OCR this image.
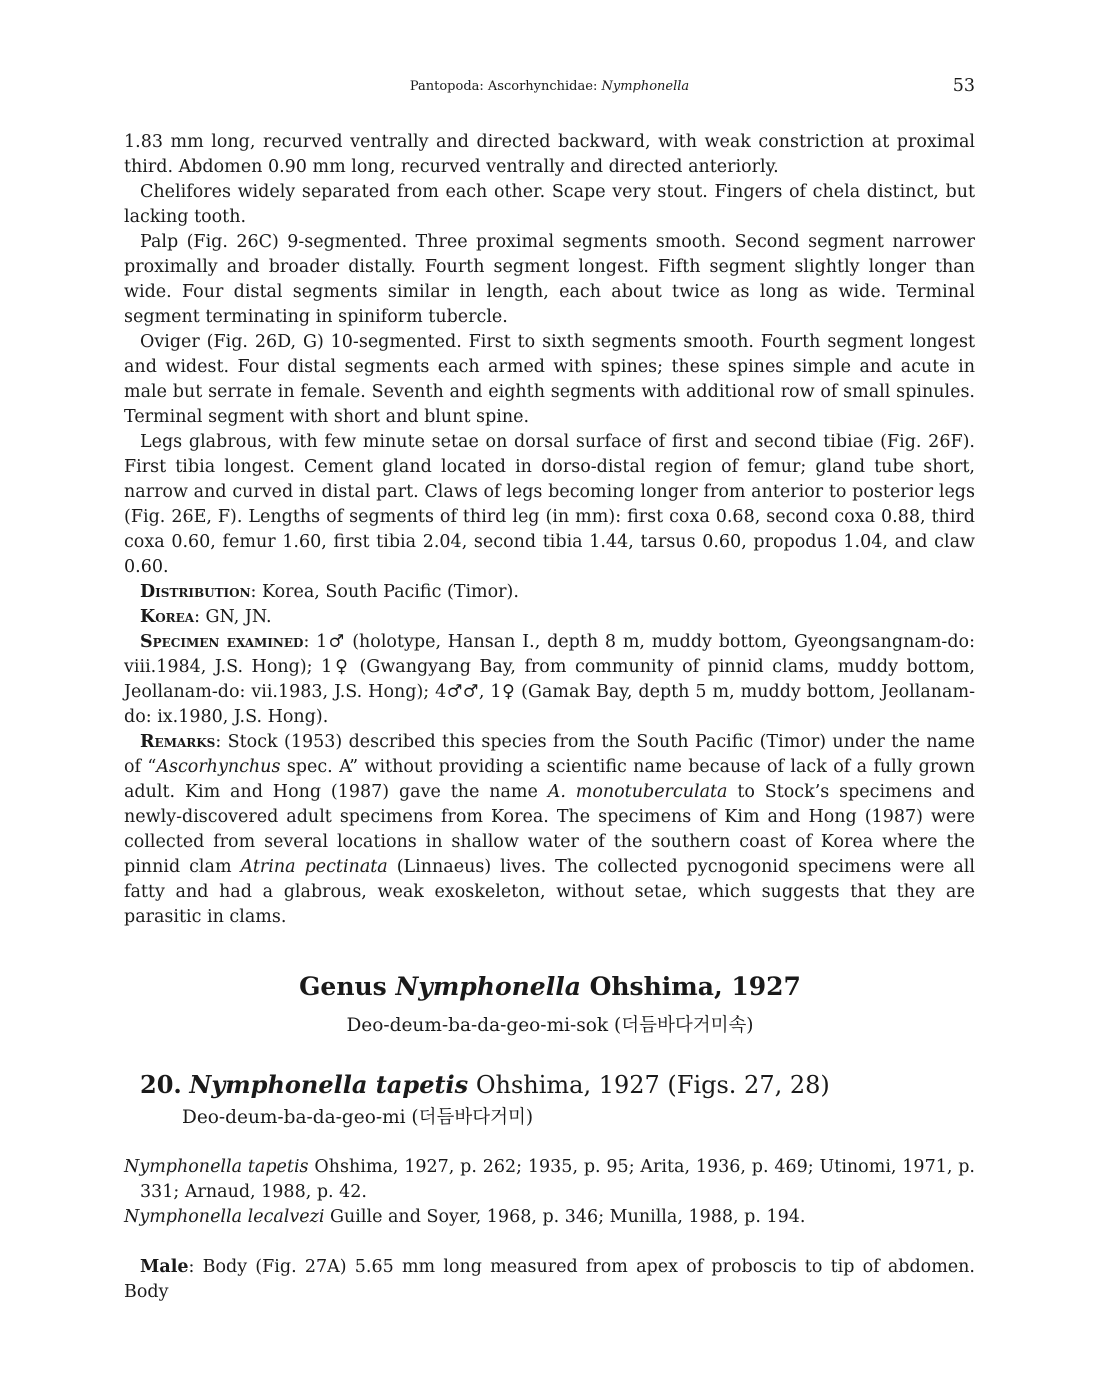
Pantopoda: Ascorhynchidae: Nymphonella	53

1.83 mm long, recurved ventrally and directed backward, with weak constriction at proximal third. Abdomen 0.90 mm long, recurved ventrally and directed anteriorly.

Chelifores widely separated from each other. Scape very stout. Fingers of chela distinct, but lacking tooth.

Palp (Fig. 26C) 9-segmented. Three proximal segments smooth. Second segment narrower proximally and broader distally. Fourth segment longest. Fifth segment slightly longer than wide. Four distal segments similar in length, each about twice as long as wide. Terminal segment terminating in spiniform tubercle.

Oviger (Fig. 26D, G) 10-segmented. First to sixth segments smooth. Fourth segment longest and widest. Four distal segments each armed with spines; these spines simple and acute in male but serrate in female. Seventh and eighth segments with additional row of small spinules. Terminal segment with short and blunt spine.

Legs glabrous, with few minute setae on dorsal surface of first and second tibiae (Fig. 26F). First tibia longest. Cement gland located in dorso-distal region of femur; gland tube short, narrow and curved in distal part. Claws of legs becoming longer from anterior to posterior legs (Fig. 26E, F). Lengths of segments of third leg (in mm): first coxa 0.68, second coxa 0.88, third coxa 0.60, femur 1.60, first tibia 2.04, second tibia 1.44, tarsus 0.60, propodus 1.04, and claw 0.60.

Distribution: Korea, South Pacific (Timor).

Korea: GN, JN.

Specimen examined: 1♂ (holotype, Hansan I., depth 8 m, muddy bottom, Gyeongsangnam-do: viii.1984, J.S. Hong); 1♀ (Gwangyang Bay, from community of pinnid clams, muddy bottom, Jeollanam-do: vii.1983, J.S. Hong); 4♂♂, 1♀ (Gamak Bay, depth 5 m, muddy bottom, Jeollanam-do: ix.1980, J.S. Hong).

Remarks: Stock (1953) described this species from the South Pacific (Timor) under the name of “Ascorhynchus spec. A” without providing a scientific name because of lack of a fully grown adult. Kim and Hong (1987) gave the name A. monotuberculata to Stock’s specimens and newly-discovered adult specimens from Korea. The specimens of Kim and Hong (1987) were collected from several locations in shallow water of the southern coast of Korea where the pinnid clam Atrina pectinata (Linnaeus) lives. The collected pycnogonid specimens were all fatty and had a glabrous, weak exoskeleton, without setae, which suggests that they are parasitic in clams.

Genus Nymphonella Ohshima, 1927
Deo-deum-ba-da-geo-mi-sok (더듬바다거미속)
20. Nymphonella tapetis Ohshima, 1927 (Figs. 27, 28)
Deo-deum-ba-da-geo-mi (더듬바다거미)

Nymphonella tapetis Ohshima, 1927, p. 262; 1935, p. 95; Arita, 1936, p. 469; Utinomi, 1971, p. 331; Arnaud, 1988, p. 42.

Nymphonella lecalvezi Guille and Soyer, 1968, p. 346; Munilla, 1988, p. 194.

Male: Body (Fig. 27A) 5.65 mm long measured from apex of proboscis to tip of abdomen. Body
